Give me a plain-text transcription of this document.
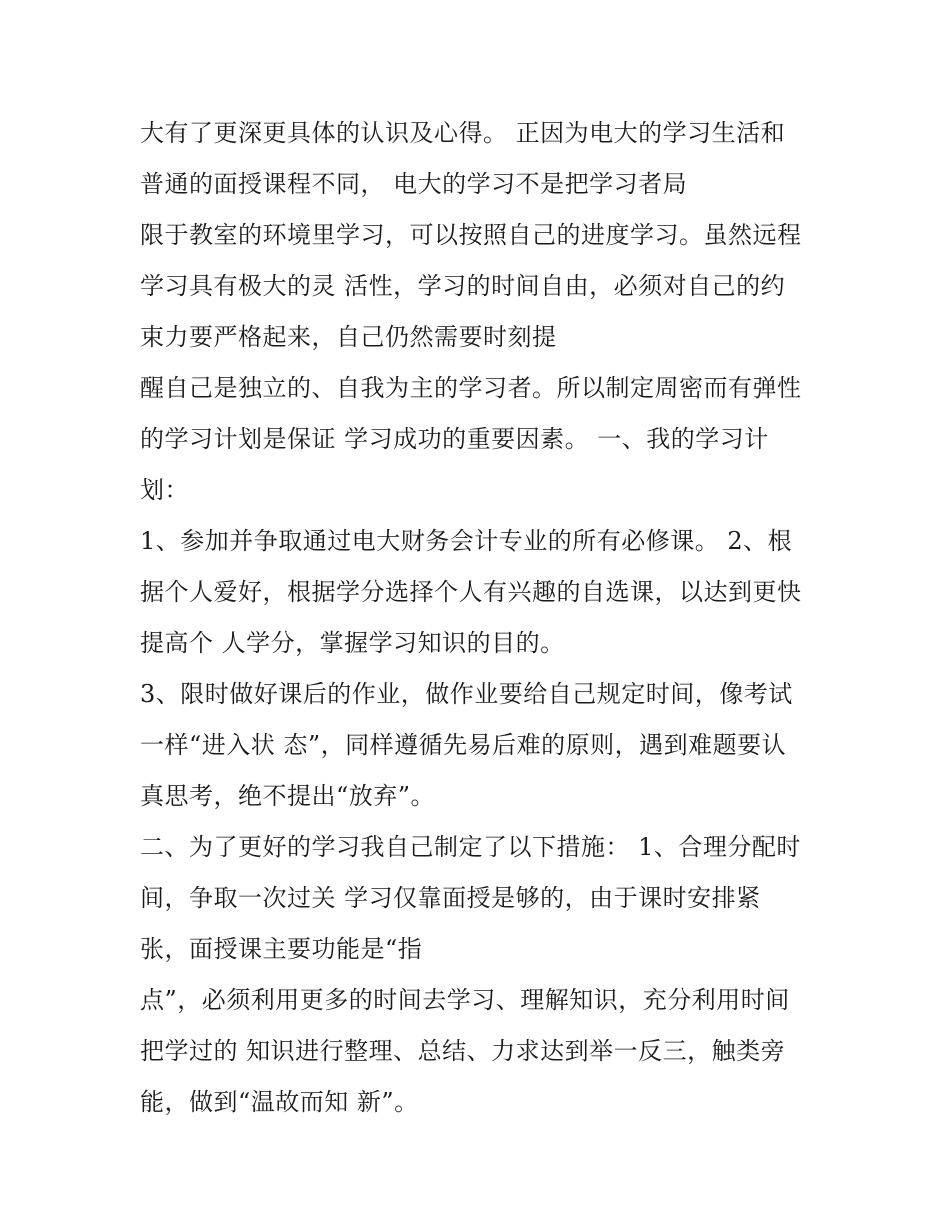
大有了更深更具体的认识及心得。 正因为电大的学习生活和
普通的面授课程不同， 电大的学习不是把学习者局
限于教室的环境里学习，可以按照自己的进度学习。虽然远程
学习具有极大的灵 活性，学习的时间自由，必须对自己的约
束力要严格起来，自己仍然需要时刻提
醒自己是独立的、自我为主的学习者。所以制定周密而有弹性
的学习计划是保证 学习成功的重要因素。 一、我的学习计
划：
1、参加并争取通过电大财务会计专业的所有必修课。 2、根
据个人爱好，根据学分选择个人有兴趣的自选课，以达到更快
提高个 人学分，掌握学习知识的目的。
3、限时做好课后的作业，做作业要给自己规定时间，像考试
一样“进入状 态”，同样遵循先易后难的原则，遇到难题要认
真思考，绝不提出“放弃”。
二、为了更好的学习我自己制定了以下措施： 1、合理分配时
间，争取一次过关 学习仅靠面授是够的，由于课时安排紧
张，面授课主要功能是“指
点”，必须利用更多的时间去学习、理解知识，充分利用时间
把学过的 知识进行整理、总结、力求达到举一反三，触类旁
能，做到“温故而知 新”。
